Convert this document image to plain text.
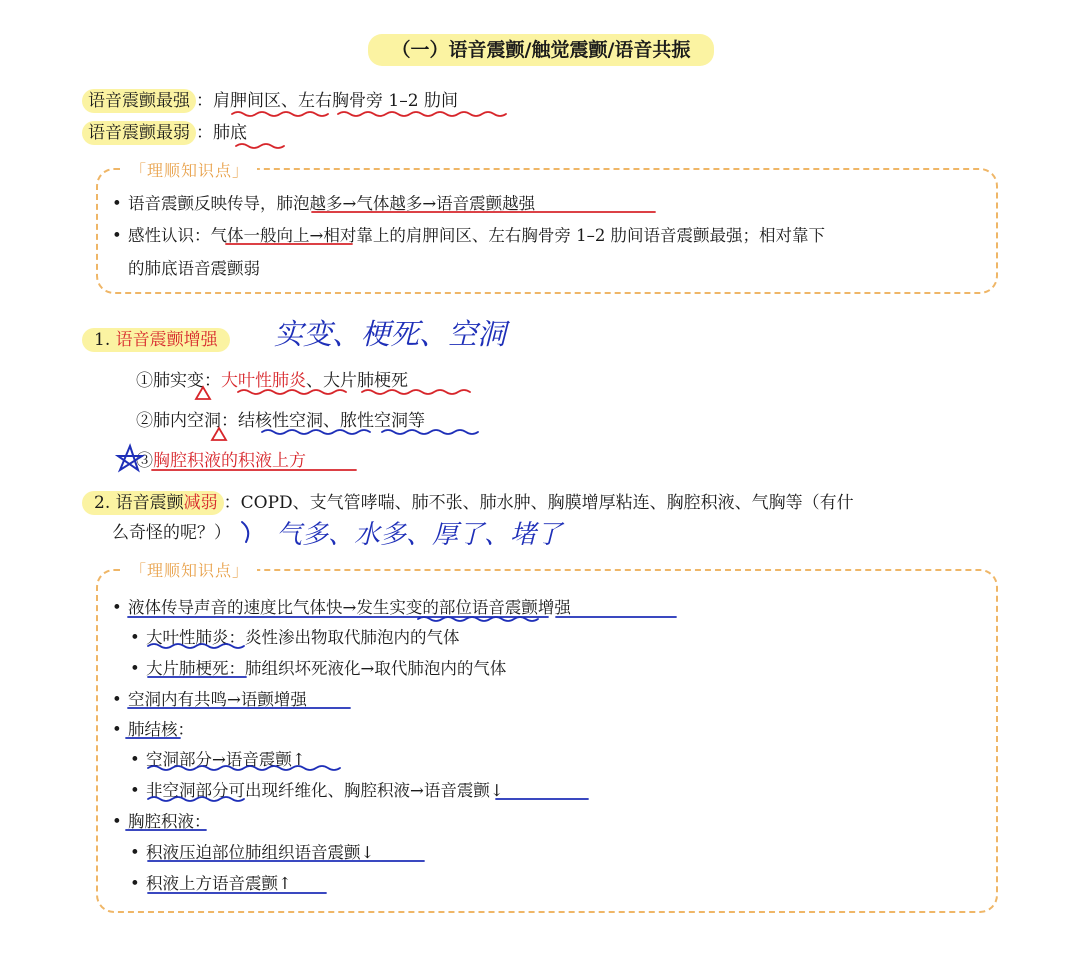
（一）语音震颤/触觉震颤/语音共振
语音震颤最强 ：肩胛间区、左右胸骨旁 1–2 肋间
语音震颤最弱 ：肺底
「理顺知识点」
• 语音震颤反映传导，肺泡越多→气体越多→语音震颤越强
• 感性认识：气体一般向上→相对靠上的肩胛间区、左右胸骨旁 1–2 肋间语音震颤最强；相对靠下
的肺底语音震颤弱
1. 语音震颤增强	实变、梗死、空洞
①肺实变：大叶性肺炎、大片肺梗死
②肺内空洞：结核性空洞、脓性空洞等
③胸腔积液的积液上方
2. 语音震颤减弱 ：COPD、支气管哮喘、肺不张、肺水肿、胸膜增厚粘连、胸腔积液、气胸等（有什
么奇怪的呢？） 气多、水多、厚了、堵了
「理顺知识点」
• 液体传导声音的速度比气体快→发生实变的部位语音震颤增强
• 大叶性肺炎：炎性渗出物取代肺泡内的气体
• 大片肺梗死：肺组织坏死液化→取代肺泡内的气体
• 空洞内有共鸣→语颤增强
• 肺结核：
• 空洞部分→语音震颤↑
• 非空洞部分可出现纤维化、胸腔积液→语音震颤↓
• 胸腔积液：
• 积液压迫部位肺组织语音震颤↓
• 积液上方语音震颤↑
